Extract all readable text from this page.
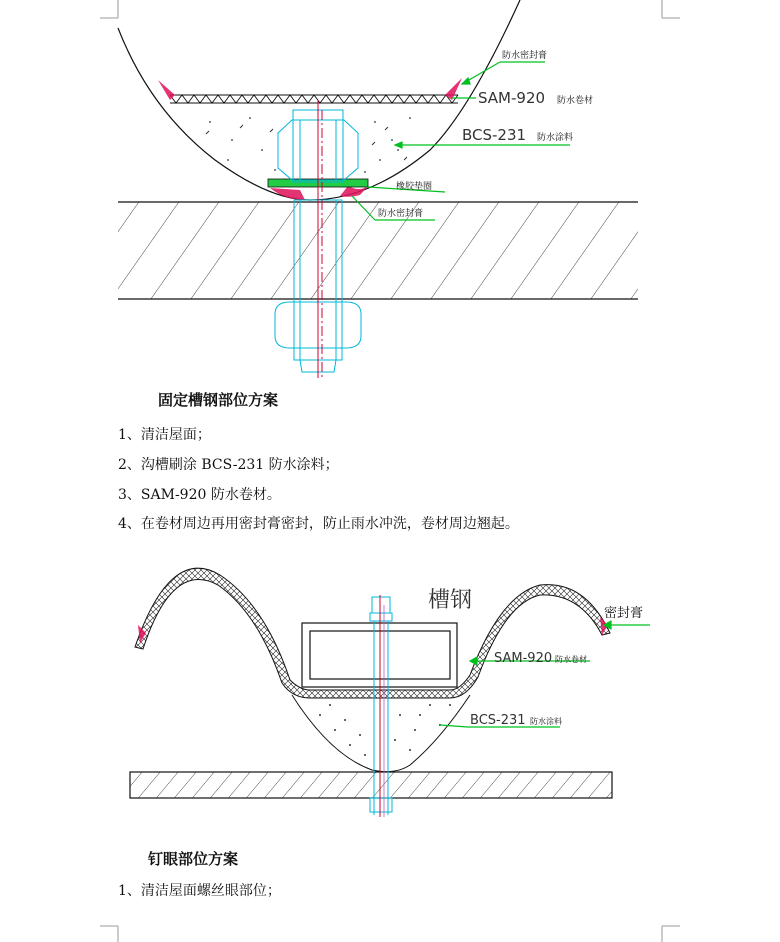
防水密封膏
SAM-920 防水卷材
BCS-231 防水涂料
橡胶垫圈
防水密封膏
固定槽钢部位方案
1、清洁屋面；
2、沟槽刷涂 BCS-231 防水涂料；
3、SAM-920 防水卷材。
4、在卷材周边再用密封膏密封，防止雨水冲洗，卷材周边翘起。
槽钢
密封膏
SAM-920 防水卷材
BCS-231 防水涂料
钉眼部位方案
1、清洁屋面螺丝眼部位；
